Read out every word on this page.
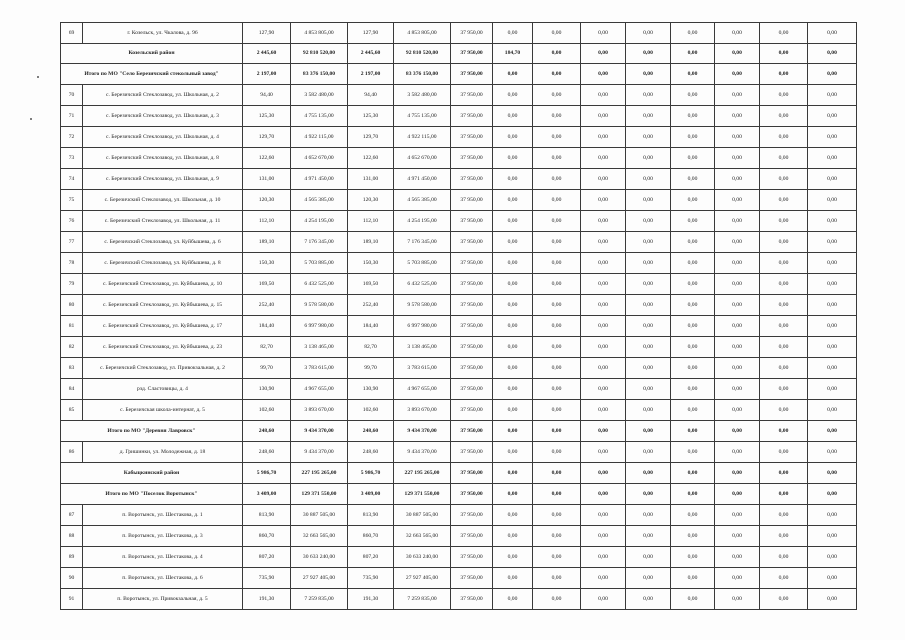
69	г. Козельск, ул. Чкалова, д. 96	127,90	4 853 805,00	127,90	4 853 805,00	37 950,00	0,00	0,00	0,00	0,00	0,00	0,00	0,00	0,00
Козельский район		2 445,60	92 810 520,00	2 445,60	92 810 520,00	37 950,00	184,70	0,00	0,00	0,00	0,00	0,00	0,00	0,00
Итого по МО "Село Березичский стекольный завод"		2 197,00	83 376 150,00	2 197,00	83 376 150,00	37 950,00	0,00	0,00	0,00	0,00	0,00	0,00	0,00	0,00
70	с. Березичский Стеклозавод, ул. Школьная, д. 2	94,40	3 582 480,00	94,40	3 582 480,00	37 950,00	0,00	0,00	0,00	0,00	0,00	0,00	0,00	0,00
71	с. Березичский Стеклозавод, ул. Школьная, д. 3	125,30	4 755 135,00	125,30	4 755 135,00	37 950,00	0,00	0,00	0,00	0,00	0,00	0,00	0,00	0,00
72	с. Березичский Стеклозавод, ул. Школьная, д. 4	129,70	4 922 115,00	129,70	4 922 115,00	37 950,00	0,00	0,00	0,00	0,00	0,00	0,00	0,00	0,00
73	с. Березичский Стеклозавод, ул. Школьная, д. 8	122,60	4 652 670,00	122,60	4 652 670,00	37 950,00	0,00	0,00	0,00	0,00	0,00	0,00	0,00	0,00
74	с. Березичский Стеклозавод, ул. Школьная, д. 9	131,00	4 971 450,00	131,00	4 971 450,00	37 950,00	0,00	0,00	0,00	0,00	0,00	0,00	0,00	0,00
75	с. Березичский Стеклозавод, ул. Школьная, д. 10	120,30	4 565 385,00	120,30	4 565 385,00	37 950,00	0,00	0,00	0,00	0,00	0,00	0,00	0,00	0,00
76	с. Березичский Стеклозавод, ул. Школьная, д. 11	112,10	4 254 195,00	112,10	4 254 195,00	37 950,00	0,00	0,00	0,00	0,00	0,00	0,00	0,00	0,00
77	с. Березичский Стеклозавод, ул. Куйбышева, д. 6	189,10	7 176 345,00	189,10	7 176 345,00	37 950,00	0,00	0,00	0,00	0,00	0,00	0,00	0,00	0,00
78	с. Березичский Стеклозавод, ул. Куйбышева, д. 8	150,30	5 703 885,00	150,30	5 703 885,00	37 950,00	0,00	0,00	0,00	0,00	0,00	0,00	0,00	0,00
79	с. Березичский Стеклозавод, ул. Куйбышева, д. 10	169,50	6 432 525,00	169,50	6 432 525,00	37 950,00	0,00	0,00	0,00	0,00	0,00	0,00	0,00	0,00
80	с. Березичский Стеклозавод, ул. Куйбышева, д. 15	252,40	9 578 580,00	252,40	9 578 580,00	37 950,00	0,00	0,00	0,00	0,00	0,00	0,00	0,00	0,00
81	с. Березичский Стеклозавод, ул. Куйбышева, д. 17	184,40	6 997 980,00	184,40	6 997 980,00	37 950,00	0,00	0,00	0,00	0,00	0,00	0,00	0,00	0,00
82	с. Березичский Стеклозавод, ул. Куйбышева, д. 23	82,70	3 138 465,00	82,70	3 138 465,00	37 950,00	0,00	0,00	0,00	0,00	0,00	0,00	0,00	0,00
83	с. Березичский Стеклозавод, ул. Привокзальная, д. 2	99,70	3 783 615,00	99,70	3 783 615,00	37 950,00	0,00	0,00	0,00	0,00	0,00	0,00	0,00	0,00
84	рзд. Сластовицы, д. 4	130,90	4 967 655,00	130,90	4 967 655,00	37 950,00	0,00	0,00	0,00	0,00	0,00	0,00	0,00	0,00
85	с. Березичская школа-интернат, д. 5	102,60	3 893 670,00	102,60	3 893 670,00	37 950,00	0,00	0,00	0,00	0,00	0,00	0,00	0,00	0,00
Итого по МО "Деревня Лавровск"		248,60	9 434 370,00	248,60	9 434 370,00	37 950,00	0,00	0,00	0,00	0,00	0,00	0,00	0,00	0,00
86	д. Гришинки, ул. Молодежная, д. 18	248,60	9 434 370,00	248,60	9 434 370,00	37 950,00	0,00	0,00	0,00	0,00	0,00	0,00	0,00	0,00
Кабыцкинский район		5 986,70	227 195 265,00	5 986,70	227 195 265,00	37 950,00	0,00	0,00	0,00	0,00	0,00	0,00	0,00	0,00
Итого по МО "Поселок Воротынск"		3 409,00	129 371 550,00	3 409,00	129 371 550,00	37 950,00	0,00	0,00	0,00	0,00	0,00	0,00	0,00	0,00
87	п. Воротынск, ул. Шестакова, д. 1	813,90	30 887 505,00	813,90	30 887 505,00	37 950,00	0,00	0,00	0,00	0,00	0,00	0,00	0,00	0,00
88	п. Воротынск, ул. Шестакова, д. 3	860,70	32 663 565,00	860,70	32 663 565,00	37 950,00	0,00	0,00	0,00	0,00	0,00	0,00	0,00	0,00
89	п. Воротынск, ул. Шестакова, д. 4	807,20	30 633 240,00	807,20	30 633 240,00	37 950,00	0,00	0,00	0,00	0,00	0,00	0,00	0,00	0,00
90	п. Воротынск, ул. Шестакова, д. 6	735,90	27 927 405,00	735,90	27 927 405,00	37 950,00	0,00	0,00	0,00	0,00	0,00	0,00	0,00	0,00
91	п. Воротынск, ул. Привокзальная, д. 5	191,30	7 259 835,00	191,30	7 259 835,00	37 950,00	0,00	0,00	0,00	0,00	0,00	0,00	0,00	0,00
